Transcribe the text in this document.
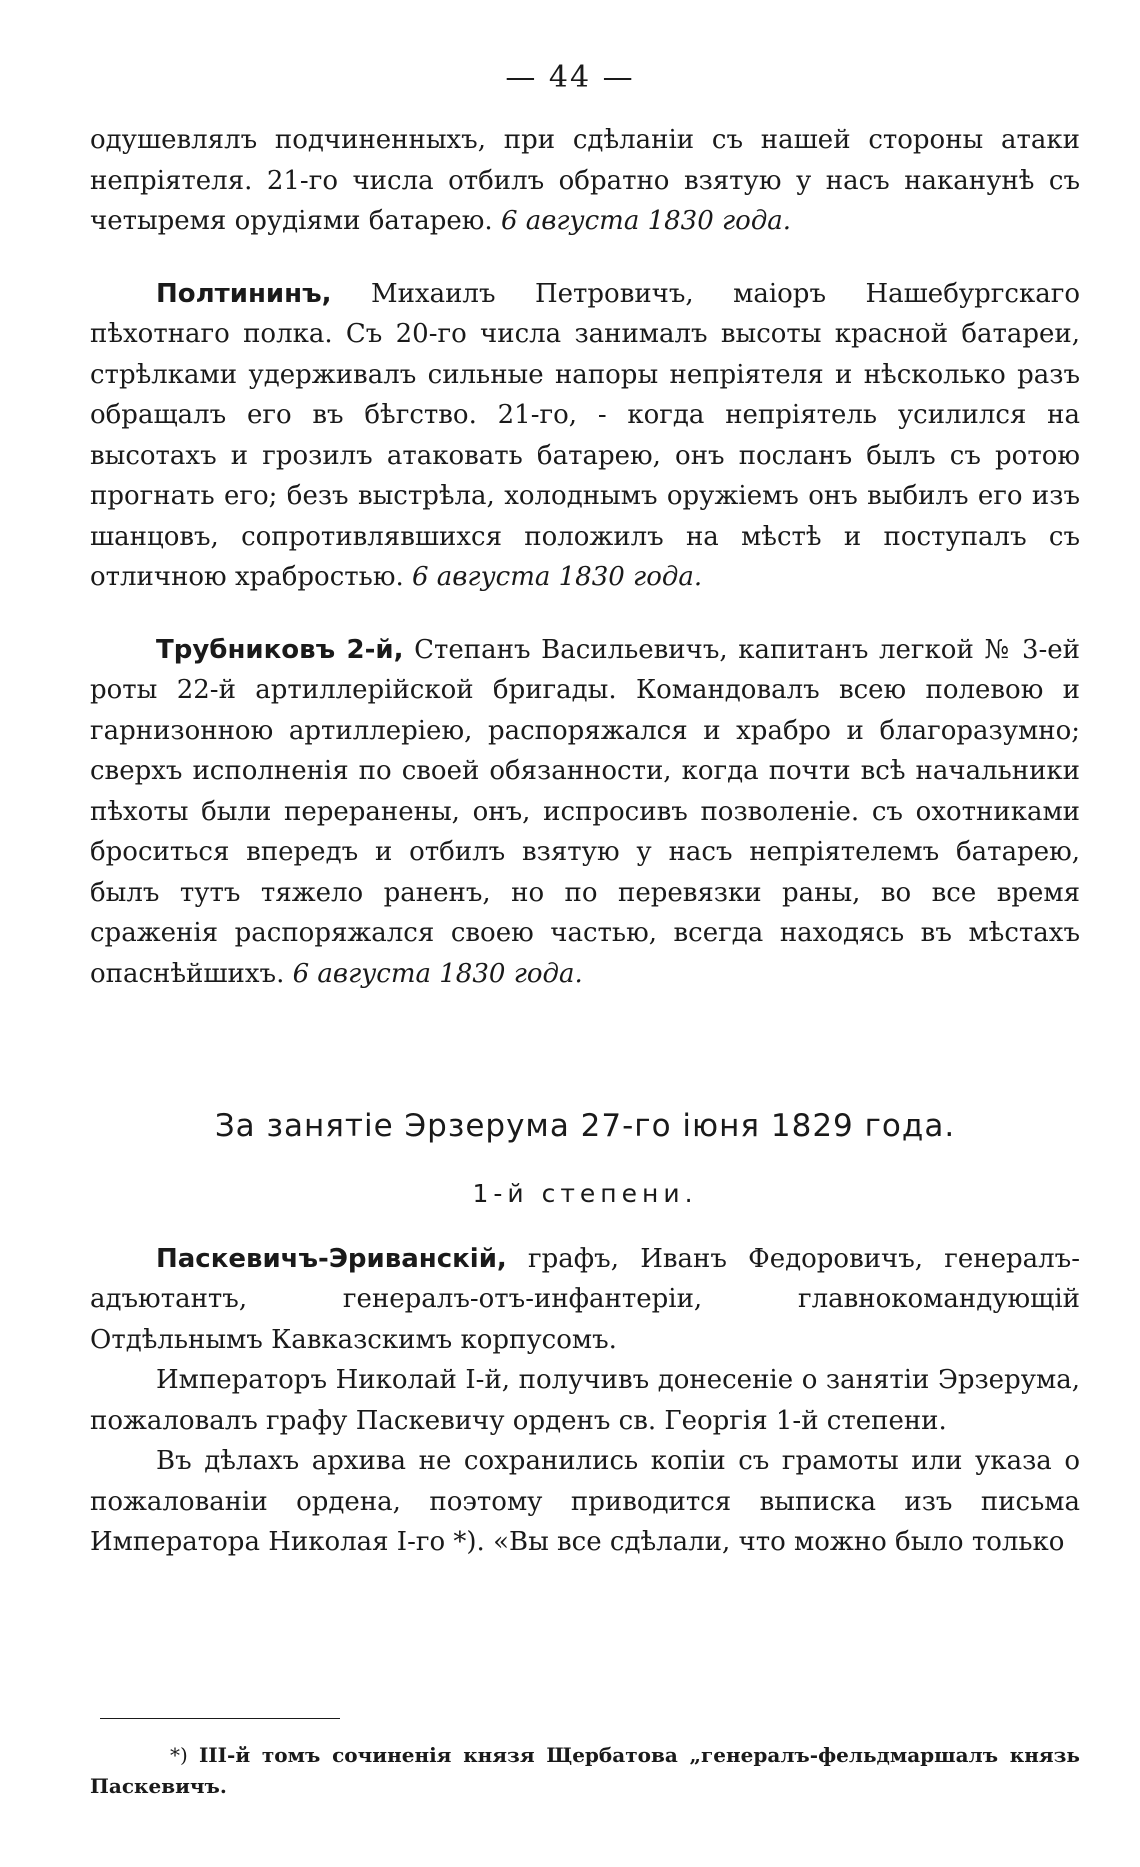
— 44 —

одушевлялъ подчиненныхъ, при сдѣланіи съ нашей стороны атаки непріятеля. 21-го числа отбилъ обратно взятую у насъ наканунѣ съ четыремя орудіями батарею. 6 августа 1830 года.

Полтининъ, Михаилъ Петровичъ, маіоръ Нашебургскаго пѣхотнаго полка. Съ 20-го числа занималъ высоты красной батареи, стрѣлками удерживалъ сильные напоры непріятеля и нѣсколько разъ обращалъ его въ бѣгство. 21-го, - когда непріятель усилился на высотахъ и грозилъ атаковать батарею, онъ посланъ былъ съ ротою прогнать его; безъ выстрѣла, холоднымъ оружіемъ онъ выбилъ его изъ шанцовъ, сопротивлявшихся положилъ на мѣстѣ и поступалъ съ отличною храбростью. 6 августа 1830 года.

Трубниковъ 2-й, Степанъ Васильевичъ, капитанъ легкой № 3-ей роты 22-й артиллерійской бригады. Командовалъ всею полевою и гарнизонною артиллеріею, распоряжался и храбро и благоразумно; сверхъ исполненія по своей обязанности, когда почти всѣ начальники пѣхоты были переранены, онъ, испросивъ позволеніе. съ охотниками броситься впередъ и отбилъ взятую у насъ непріятелемъ батарею, былъ тутъ тяжело раненъ, но по перевязки раны, во все время сраженія распоряжался своею частью, всегда находясь въ мѣстахъ опаснѣйшихъ. 6 августа 1830 года.

За занятіе Эрзерума 27-го іюня 1829 года.

1-й степени.

Паскевичъ-Эриванскій, графъ, Иванъ Федоровичъ, генералъ-адъютантъ, генералъ-отъ-инфантеріи, главнокомандующій Отдѣльнымъ Кавказскимъ корпусомъ.

Императоръ Николай I-й, получивъ донесеніе о занятіи Эрзерума, пожаловалъ графу Паскевичу орденъ св. Георгія 1-й степени.

Въ дѣлахъ архива не сохранились копіи съ грамоты или указа о пожалованіи ордена, поэтому приводится выписка изъ письма Императора Николая І-го *). «Вы все сдѣлали, что можно было только

*) III-й томъ сочиненія князя Щербатова „генералъ-фельдмаршалъ князь Паскевичъ.
